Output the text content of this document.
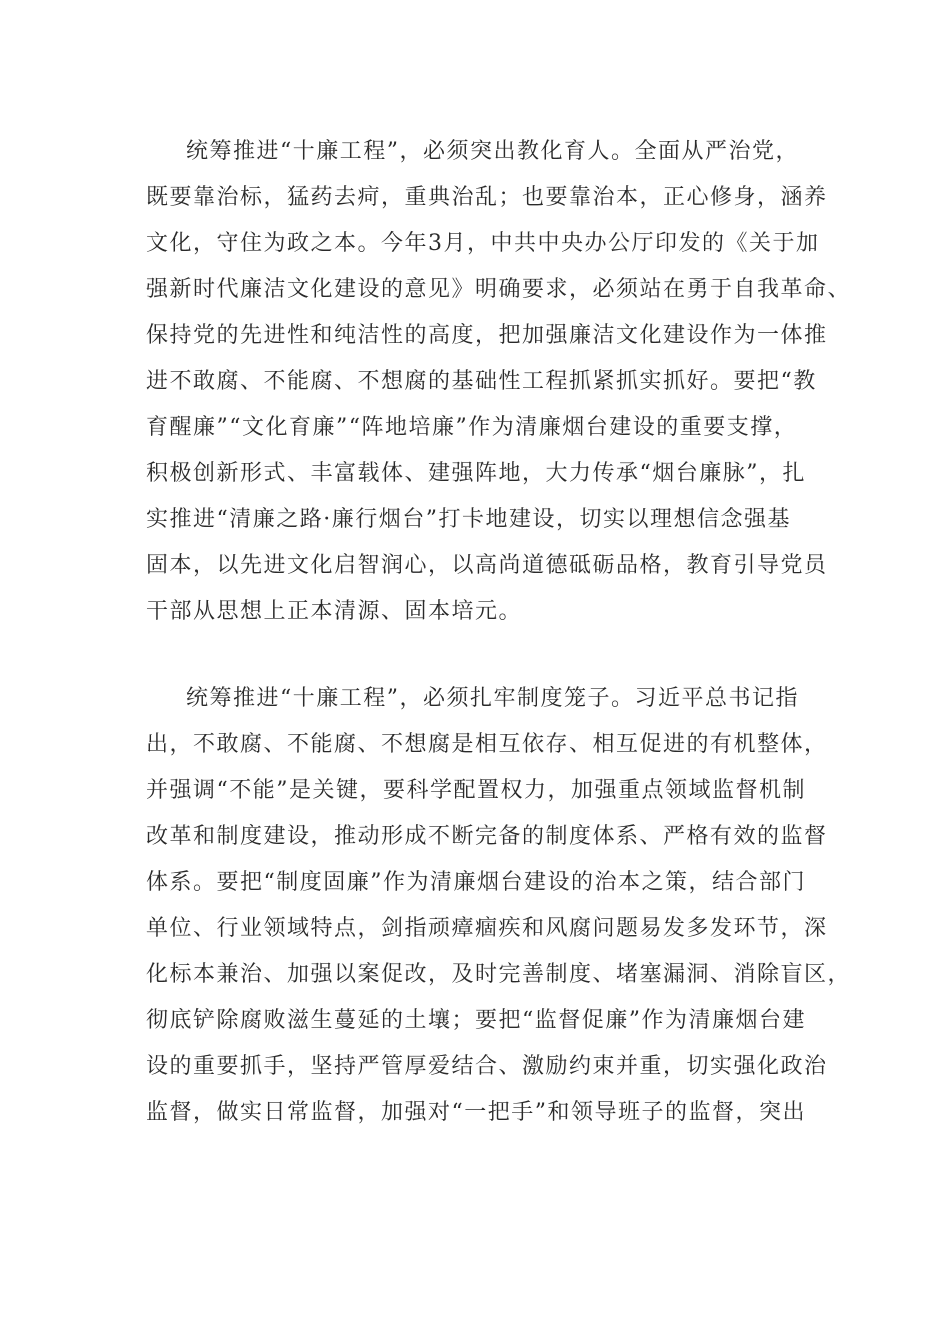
统筹推进“十廉工程”，必须突出教化育人。全面从严治党，
既要靠治标，猛药去疴，重典治乱；也要靠治本，正心修身，涵养
文化，守住为政之本。今年3月，中共中央办公厅印发的《关于加
强新时代廉洁文化建设的意见》明确要求，必须站在勇于自我革命、
保持党的先进性和纯洁性的高度，把加强廉洁文化建设作为一体推
进不敢腐、不能腐、不想腐的基础性工程抓紧抓实抓好。要把“教
育醒廉”“文化育廉”“阵地培廉”作为清廉烟台建设的重要支撑，
积极创新形式、丰富载体、建强阵地，大力传承“烟台廉脉”，扎
实推进“清廉之路·廉行烟台”打卡地建设，切实以理想信念强基
固本，以先进文化启智润心，以高尚道德砥砺品格，教育引导党员
干部从思想上正本清源、固本培元。
统筹推进“十廉工程”，必须扎牢制度笼子。习近平总书记指
出，不敢腐、不能腐、不想腐是相互依存、相互促进的有机整体，
并强调“不能”是关键，要科学配置权力，加强重点领域监督机制
改革和制度建设，推动形成不断完备的制度体系、严格有效的监督
体系。要把“制度固廉”作为清廉烟台建设的治本之策，结合部门
单位、行业领域特点，剑指顽瘴痼疾和风腐问题易发多发环节，深
化标本兼治、加强以案促改，及时完善制度、堵塞漏洞、消除盲区，
彻底铲除腐败滋生蔓延的土壤；要把“监督促廉”作为清廉烟台建
设的重要抓手，坚持严管厚爱结合、激励约束并重，切实强化政治
监督，做实日常监督，加强对“一把手”和领导班子的监督，突出
